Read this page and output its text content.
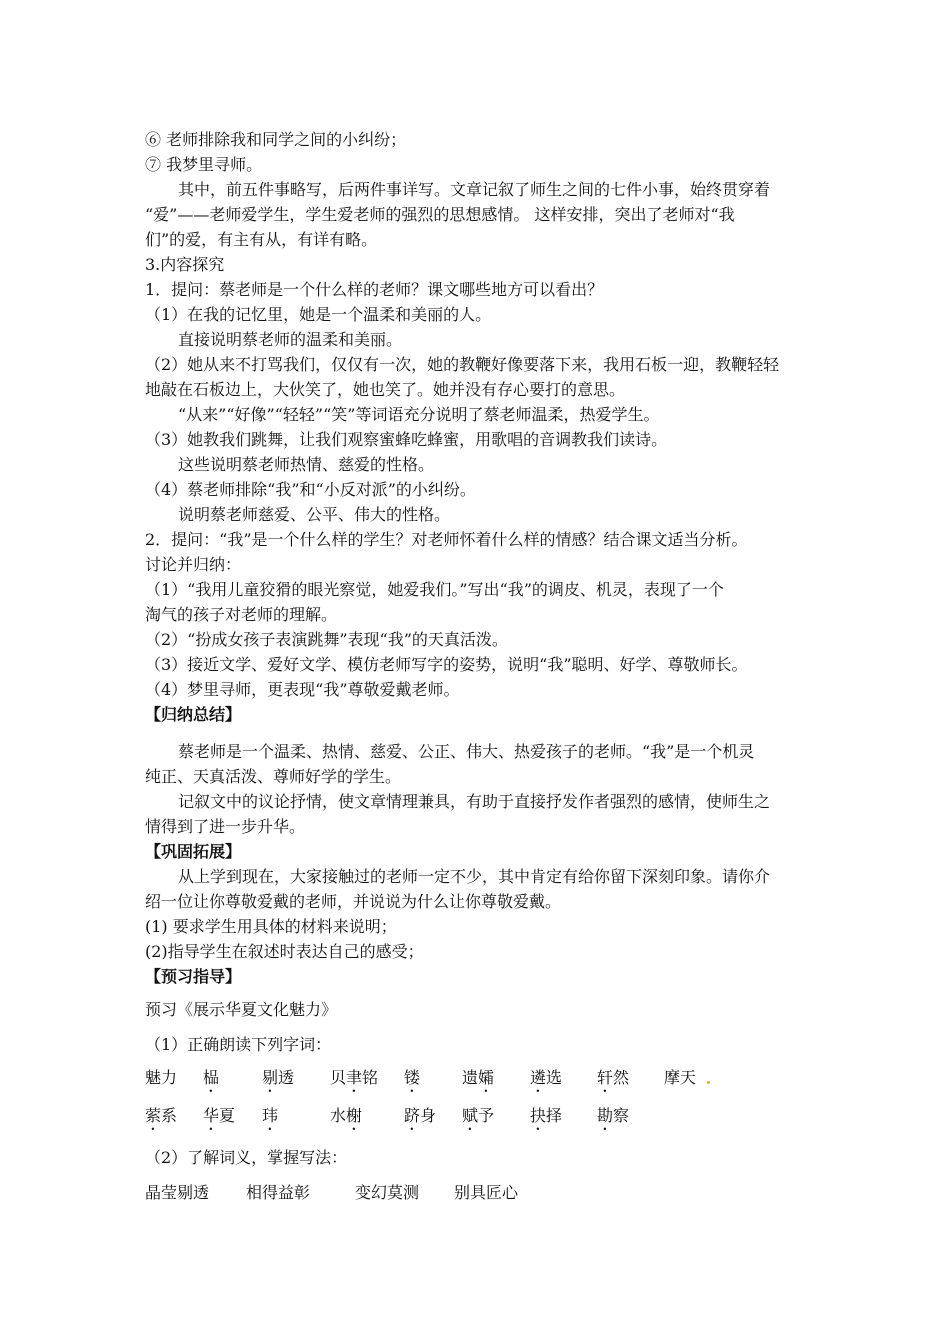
⑥ 老师排除我和同学之间的小纠纷；
⑦ 我梦里寻师。
其中，前五件事略写，后两件事详写。文章记叙了师生之间的七件小事，始终贯穿着
“爱”——老师爱学生，学生爱老师的强烈的思想感情。 这样安排，突出了老师对“我
们”的爱，有主有从，有详有略。
3.内容探究
1．提问：蔡老师是一个什么样的老师？课文哪些地方可以看出？
（1）在我的记忆里，她是一个温柔和美丽的人。
直接说明蔡老师的温柔和美丽。
（2）她从来不打骂我们，仅仅有一次，她的教鞭好像要落下来，我用石板一迎，教鞭轻轻
地敲在石板边上，大伙笑了，她也笑了。她并没有存心要打的意思。
“从来”“好像”“轻轻”“笑”等词语充分说明了蔡老师温柔，热爱学生。
（3）她教我们跳舞，让我们观察蜜蜂吃蜂蜜，用歌唱的音调教我们读诗。
这些说明蔡老师热情、慈爱的性格。
（4）蔡老师排除“我”和“小反对派”的小纠纷。
说明蔡老师慈爱、公平、伟大的性格。
2．提问：“我”是一个什么样的学生？对老师怀着什么样的情感？结合课文适当分析。
讨论并归纳：
（1）“我用儿童狡猾的眼光察觉，她爱我们。”写出“我”的调皮、机灵，表现了一个
淘气的孩子对老师的理解。
（2）“扮成女孩子表演跳舞”表现“我”的天真活泼。
（3）接近文学、爱好文学、模仿老师写字的姿势，说明“我”聪明、好学、尊敬师长。
（4）梦里寻师，更表现“我”尊敬爱戴老师。
【归纳总结】
蔡老师是一个温柔、热情、慈爱、公正、伟大、热爱孩子的老师。“我”是一个机灵
纯正、天真活泼、尊师好学的学生。
记叙文中的议论抒情，使文章情理兼具，有助于直接抒发作者强烈的感情，使师生之
情得到了进一步升华。
【巩固拓展】
从上学到现在，大家接触过的老师一定不少，其中肯定有给你留下深刻印象。请你介
绍一位让你尊敬爱戴的老师，并说说为什么让你尊敬爱戴。
(1) 要求学生用具体的材料来说明；
(2)指导学生在叙述时表达自己的感受；
【预习指导】
预习《展示华夏文化魅力》
（1）正确朗读下列字词：
魅力 榀	剔透 贝聿铭 镂	遗孀 遴选 轩然 摩天
萦系 华夏 玮	水榭	跻身 赋予 抉择 勘察
（2）了解词义，掌握写法：
晶莹剔透 相得益彰	变幻莫测 别具匠心
